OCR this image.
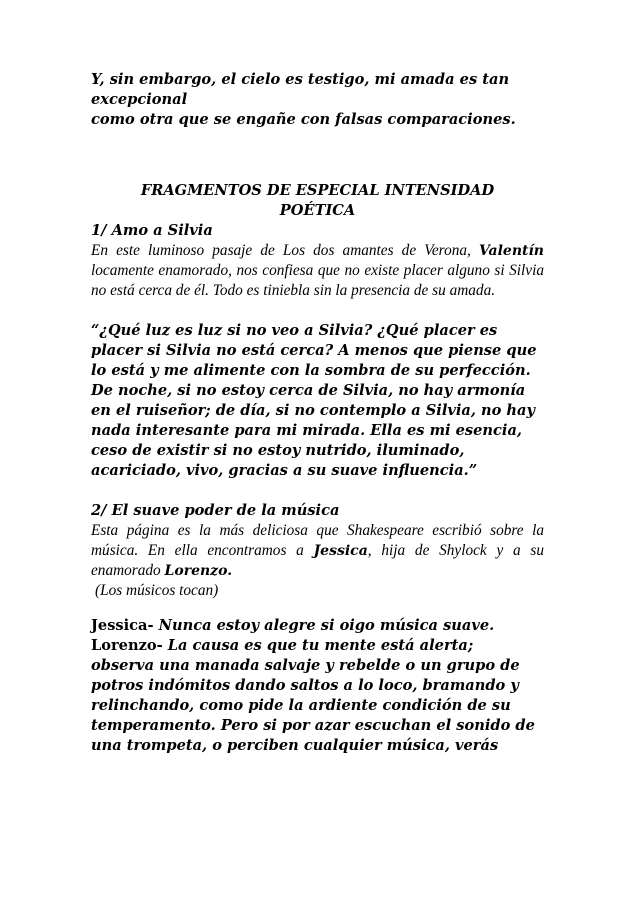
Y, sin embargo, el cielo es testigo, mi amada es tan

excepcional

como otra que se engañe con falsas comparaciones.

FRAGMENTOS DE ESPECIAL INTENSIDAD

POÉTICA

1/ Amo a Silvia

En este luminoso pasaje de Los dos amantes de Verona, Valentín locamente enamorado, nos confiesa que no existe placer alguno si Silvia no está cerca de él. Todo es tiniebla sin la presencia de su amada.

“¿Qué luz es luz si no veo a Silvia? ¿Qué placer es

placer si Silvia no está cerca? A menos que piense que

lo está y me alimente con la sombra de su perfección.

De noche, si no estoy cerca de Silvia, no hay armonía

en el ruiseñor; de día, si no contemplo a Silvia, no hay

nada interesante para mi mirada. Ella es mi esencia,

ceso de existir si no estoy nutrido, iluminado,

acariciado, vivo, gracias a su suave influencia.”

2/ El suave poder de la música

Esta página es la más deliciosa que Shakespeare escribió sobre la música. En ella encontramos a Jessica, hija de Shylock y a su enamorado Lorenzo.

(Los músicos tocan)

Jessica- Nunca estoy alegre si oigo música suave.

Lorenzo- La causa es que tu mente está alerta;

observa una manada salvaje y rebelde o un grupo de

potros indómitos dando saltos a lo loco, bramando y

relinchando, como pide la ardiente condición de su

temperamento. Pero si por azar escuchan el sonido de

una trompeta, o perciben cualquier música, verás
